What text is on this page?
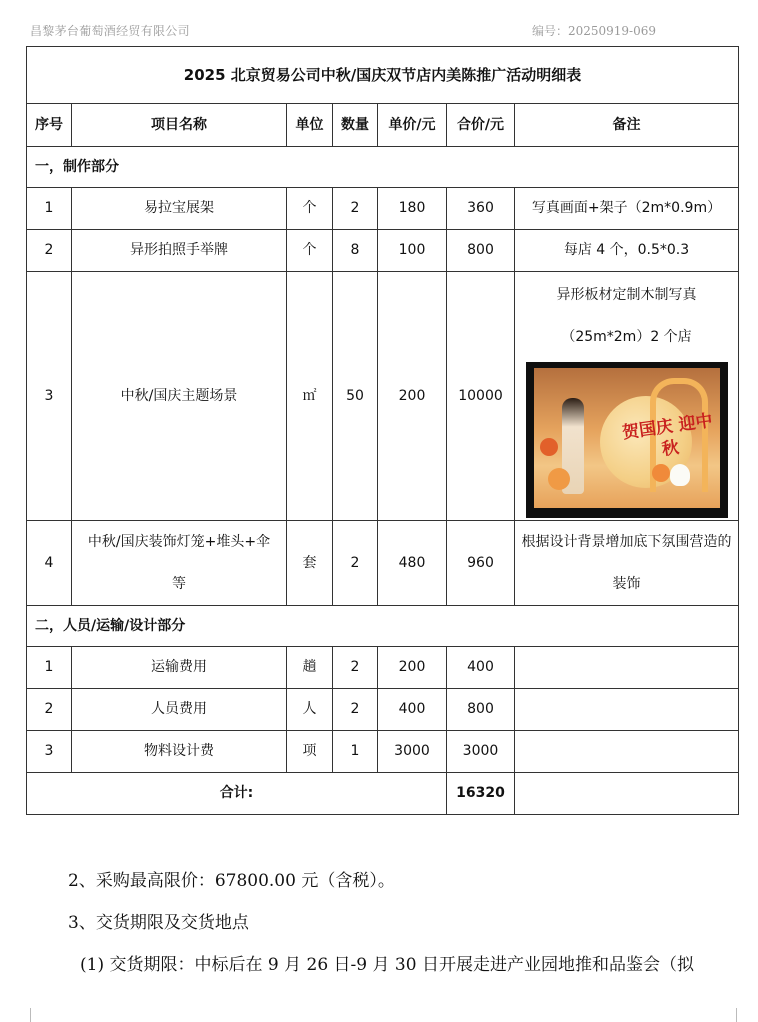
昌黎茅台葡萄酒经贸有限公司	编号：20250919-069
2025 北京贸易公司中秋/国庆双节店内美陈推广活动明细表						
序号	项目名称	单位	数量	单价/元	合价/元	备注
一，制作部分						
1	易拉宝展架	个	2	180	360	写真画面+架子（2m*0.9m）
2	异形拍照手举牌	个	8	100	800	每店 4 个，0.5*0.3
3	中秋/国庆主题场景	㎡	50	200	10000	异形板材定制木制写真
（25m*2m）2 个店
贺国庆 迎中秋

4	中秋/国庆装饰灯笼+堆头+伞等	套	2	480	960	根据设计背景增加底下氛围营造的装饰
二，人员/运输/设计部分						
1	运输费用	趟	2	200	400	
2	人员费用	人	2	400	800	
3	物料设计费	项	1	3000	3000	
合计:					16320	
2、采购最高限价：67800.00 元（含税）。
3、交货期限及交货地点
(1) 交货期限：中标后在 9 月 26 日-9 月 30 日开展走进产业园地推和品鉴会（拟
